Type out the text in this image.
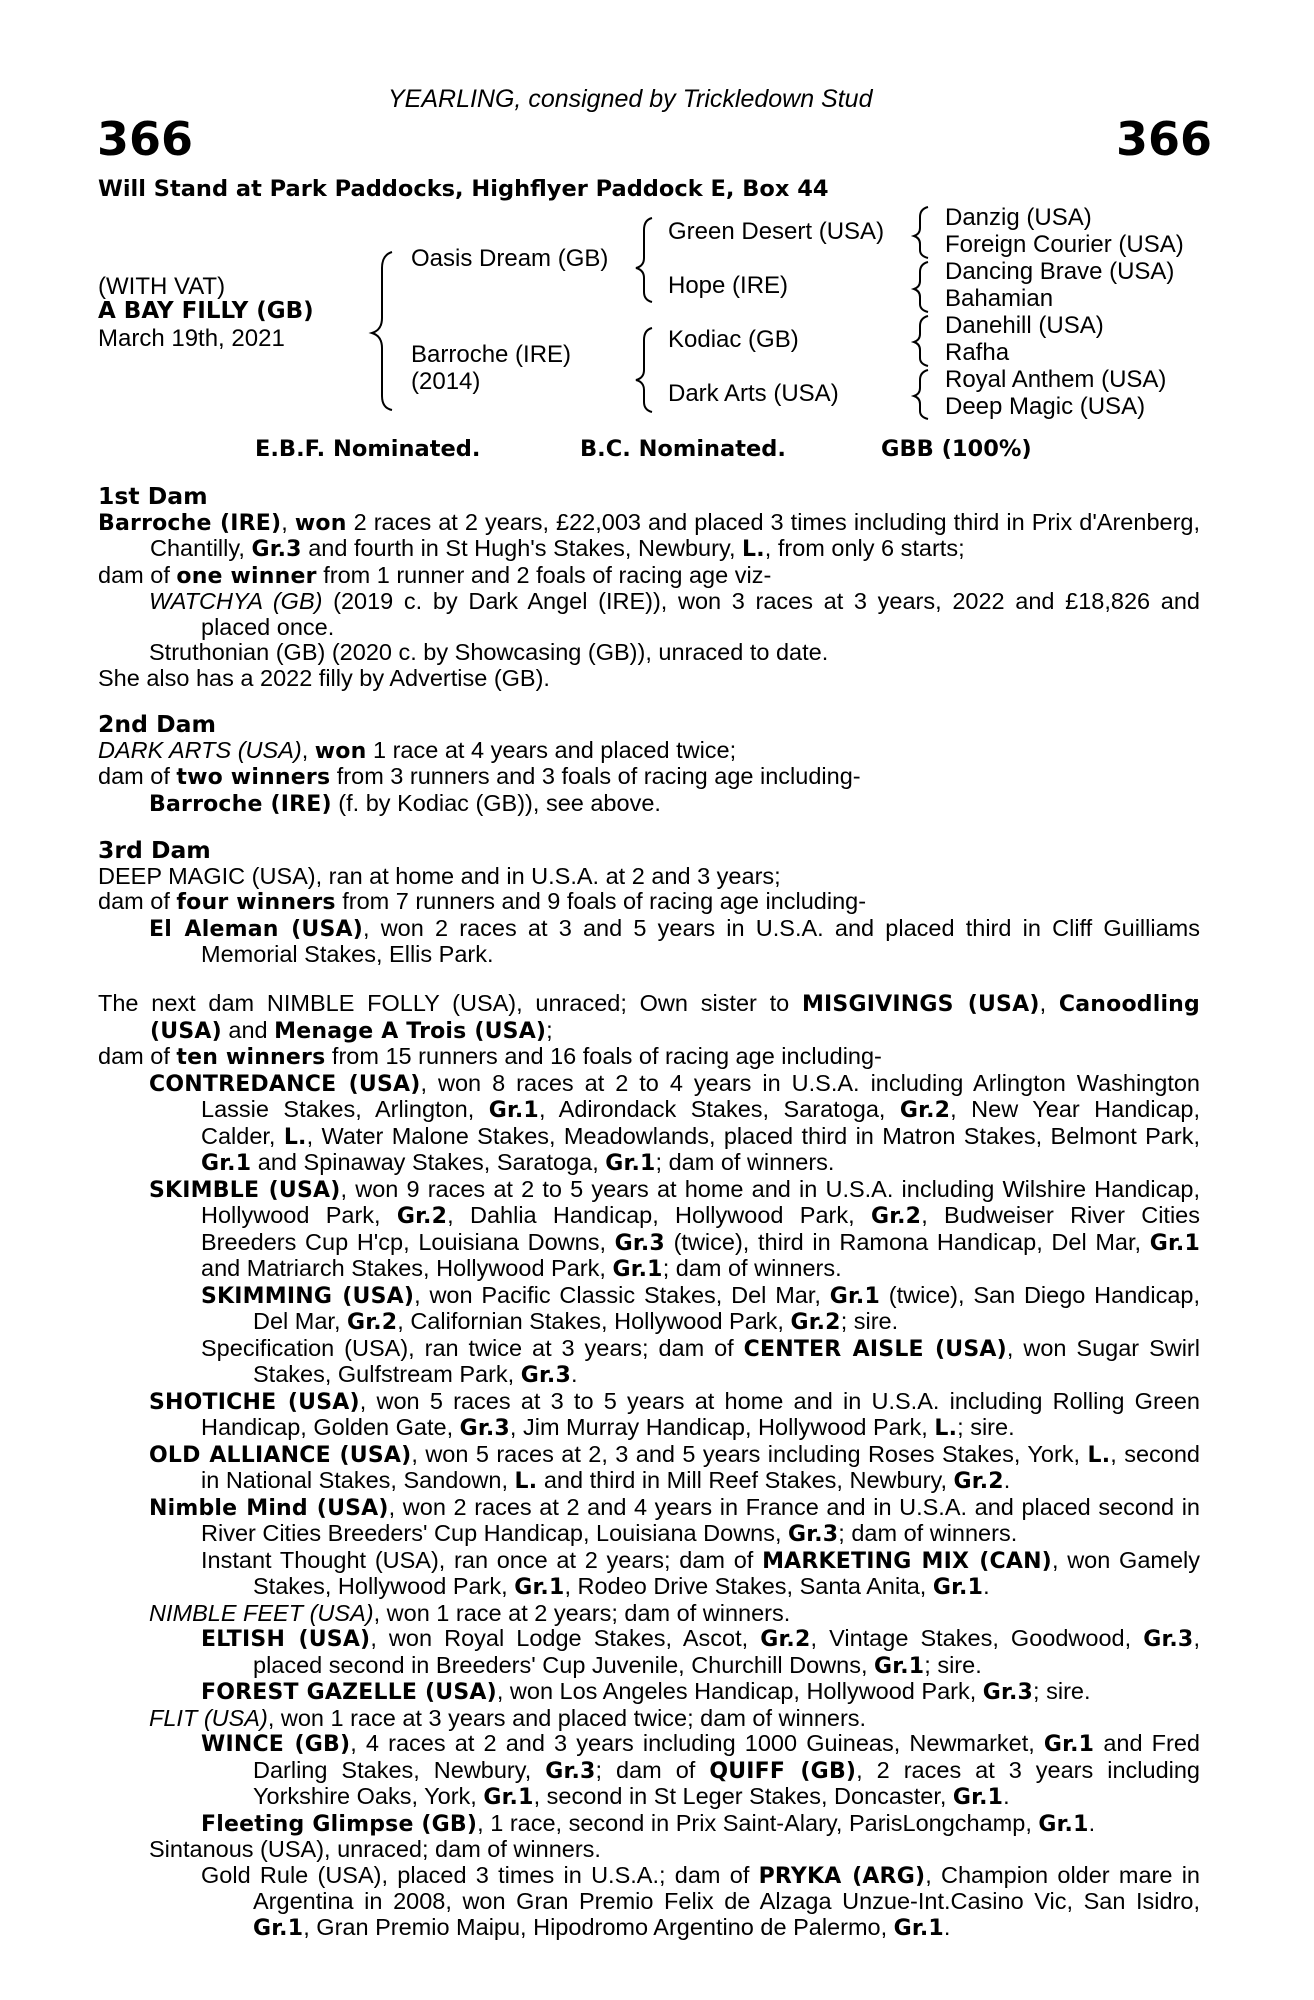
YEARLING, consigned by Trickledown Stud
366	366
Will Stand at Park Paddocks, Highflyer Paddock E, Box 44
(WITH VAT)
A BAY FILLY (GB)
March 19th, 2021
Oasis Dream (GB)
Barroche (IRE)
(2014)
Green Desert (USA)
Hope (IRE)
Kodiac (GB)
Dark Arts (USA)
Danzig (USA)
Foreign Courier (USA)
Dancing Brave (USA)
Bahamian
Danehill (USA)
Rafha
Royal Anthem (USA)
Deep Magic (USA)
E.B.F. Nominated.	B.C. Nominated.	GBB (100%)

1st Dam

Barroche (IRE), won 2 races at 2 years, £22,003 and placed 3 times including third in Prix d'Arenberg, Chantilly, Gr.3 and fourth in St Hugh's Stakes, Newbury, L., from only 6 starts;

dam of one winner from 1 runner and 2 foals of racing age viz-

WATCHYA (GB) (2019 c. by Dark Angel (IRE)), won 3 races at 3 years, 2022 and £18,826 and placed once.

Struthonian (GB) (2020 c. by Showcasing (GB)), unraced to date.

She also has a 2022 filly by Advertise (GB).

2nd Dam

DARK ARTS (USA), won 1 race at 4 years and placed twice;

dam of two winners from 3 runners and 3 foals of racing age including-

Barroche (IRE) (f. by Kodiac (GB)), see above.

3rd Dam

DEEP MAGIC (USA), ran at home and in U.S.A. at 2 and 3 years;

dam of four winners from 7 runners and 9 foals of racing age including-

El Aleman (USA), won 2 races at 3 and 5 years in U.S.A. and placed third in Cliff Guilliams Memorial Stakes, Ellis Park.

The next dam NIMBLE FOLLY (USA), unraced; Own sister to MISGIVINGS (USA), Canoodling (USA) and Menage A Trois (USA);

dam of ten winners from 15 runners and 16 foals of racing age including-

CONTREDANCE (USA), won 8 races at 2 to 4 years in U.S.A. including Arlington Washington Lassie Stakes, Arlington, Gr.1, Adirondack Stakes, Saratoga, Gr.2, New Year Handicap, Calder, L., Water Malone Stakes, Meadowlands, placed third in Matron Stakes, Belmont Park, Gr.1 and Spinaway Stakes, Saratoga, Gr.1; dam of winners.

SKIMBLE (USA), won 9 races at 2 to 5 years at home and in U.S.A. including Wilshire Handicap, Hollywood Park, Gr.2, Dahlia Handicap, Hollywood Park, Gr.2, Budweiser River Cities Breeders Cup H'cp, Louisiana Downs, Gr.3 (twice), third in Ramona Handicap, Del Mar, Gr.1 and Matriarch Stakes, Hollywood Park, Gr.1; dam of winners.

SKIMMING (USA), won Pacific Classic Stakes, Del Mar, Gr.1 (twice), San Diego Handicap, Del Mar, Gr.2, Californian Stakes, Hollywood Park, Gr.2; sire.

Specification (USA), ran twice at 3 years; dam of CENTER AISLE (USA), won Sugar Swirl Stakes, Gulfstream Park, Gr.3.

SHOTICHE (USA), won 5 races at 3 to 5 years at home and in U.S.A. including Rolling Green Handicap, Golden Gate, Gr.3, Jim Murray Handicap, Hollywood Park, L.; sire.

OLD ALLIANCE (USA), won 5 races at 2, 3 and 5 years including Roses Stakes, York, L., second in National Stakes, Sandown, L. and third in Mill Reef Stakes, Newbury, Gr.2.

Nimble Mind (USA), won 2 races at 2 and 4 years in France and in U.S.A. and placed second in River Cities Breeders' Cup Handicap, Louisiana Downs, Gr.3; dam of winners.

Instant Thought (USA), ran once at 2 years; dam of MARKETING MIX (CAN), won Gamely Stakes, Hollywood Park, Gr.1, Rodeo Drive Stakes, Santa Anita, Gr.1.

NIMBLE FEET (USA), won 1 race at 2 years; dam of winners.

ELTISH (USA), won Royal Lodge Stakes, Ascot, Gr.2, Vintage Stakes, Goodwood, Gr.3, placed second in Breeders' Cup Juvenile, Churchill Downs, Gr.1; sire.

FOREST GAZELLE (USA), won Los Angeles Handicap, Hollywood Park, Gr.3; sire.

FLIT (USA), won 1 race at 3 years and placed twice; dam of winners.

WINCE (GB), 4 races at 2 and 3 years including 1000 Guineas, Newmarket, Gr.1 and Fred Darling Stakes, Newbury, Gr.3; dam of QUIFF (GB), 2 races at 3 years including Yorkshire Oaks, York, Gr.1, second in St Leger Stakes, Doncaster, Gr.1.

Fleeting Glimpse (GB), 1 race, second in Prix Saint-Alary, ParisLongchamp, Gr.1.

Sintanous (USA), unraced; dam of winners.

Gold Rule (USA), placed 3 times in U.S.A.; dam of PRYKA (ARG), Champion older mare in Argentina in 2008, won Gran Premio Felix de Alzaga Unzue-Int.Casino Vic, San Isidro, Gr.1, Gran Premio Maipu, Hipodromo Argentino de Palermo, Gr.1.
